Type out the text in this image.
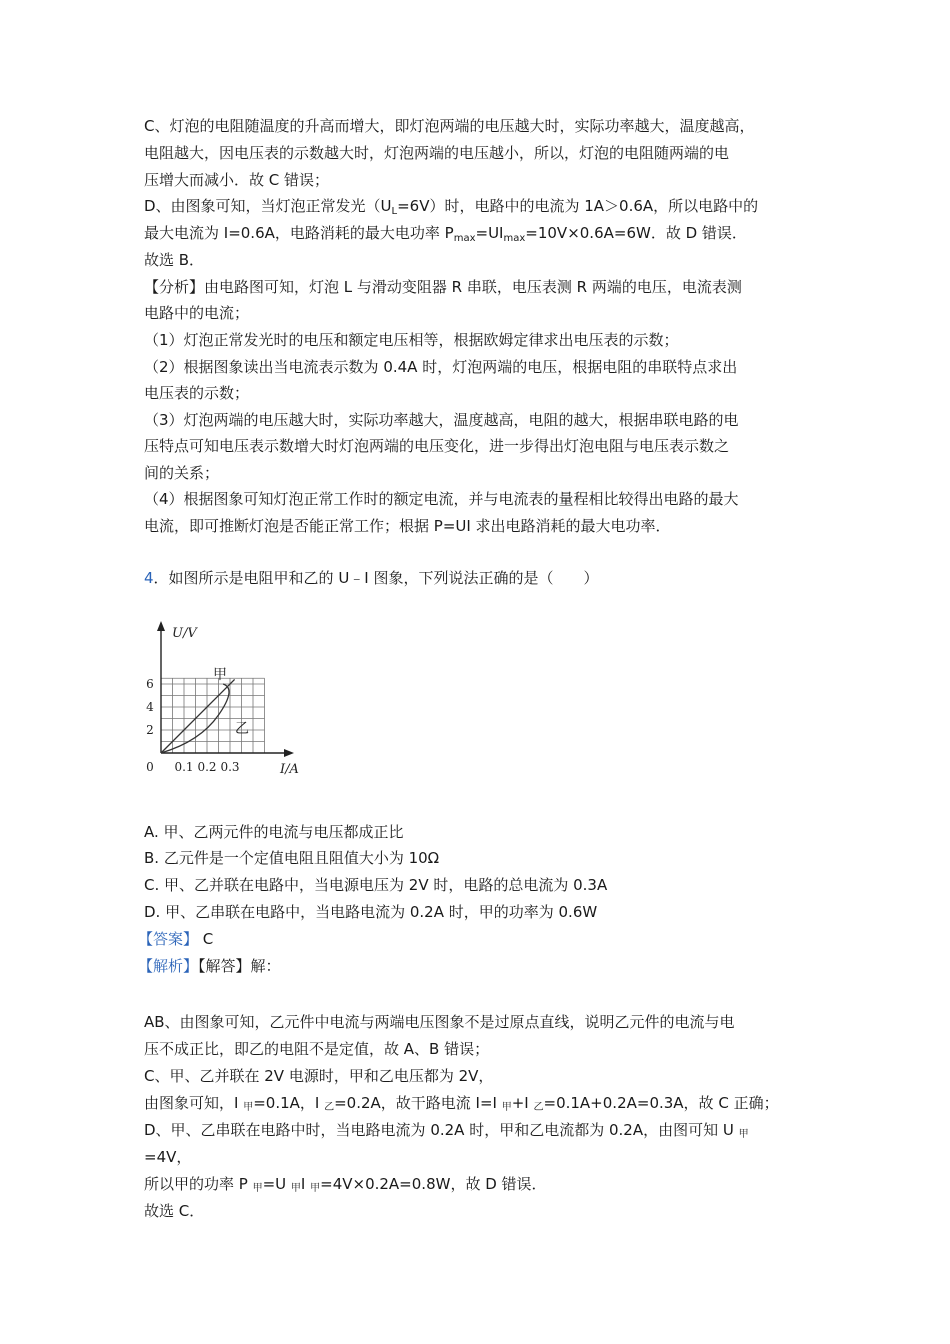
C、灯泡的电阻随温度的升高而增大，即灯泡两端的电压越大时，实际功率越大，温度越高，
电阻越大，因电压表的示数越大时，灯泡两端的电压越小，所以，灯泡的电阻随两端的电
压增大而减小．故 C 错误；
D、由图象可知，当灯泡正常发光$(U_L=6V)$时，电路中的电流为 1A＞0.6A，所以电路中的
最大电流为 I=0.6A，电路消耗的最大电功率 $P_{max}=UI_{max}=10V\times 0.6A=6W$．故 D 错误．
故选 B．
【分析】由电路图可知，灯泡 L 与滑动变阻器 R 串联，电压表测 R 两端的电压，电流表测
电路中的电流；
（1）灯泡正常发光时的电压和额定电压相等，根据欧姆定律求出电压表的示数；
（2）根据图象读出当电流表示数为 0.4A 时，灯泡两端的电压，根据电阻的串联特点求出
电压表的示数；
（3）灯泡两端的电压越大时，实际功率越大，温度越高，电阻的越大，根据串联电路的电
压特点可知电压表示数增大时灯泡两端的电压变化，进一步得出灯泡电阻与电压表示数之
间的关系；
（4）根据图象可知灯泡正常工作时的额定电流，并与电流表的量程相比较得出电路的最大
电流，即可推断灯泡是否能正常工作；根据 P=UI 求出电路消耗的最大电功率．
4．如图所示是电阻甲和乙的 U﹣I 图象，下列说法正确的是（　　）
U/V
I/A
0
2
4
6
0.1 0.2 0.3
甲
乙
A. 甲、乙两元件的电流与电压都成正比
B. 乙元件是一个定值电阻且阻值大小为 10Ω
C. 甲、乙并联在电路中，当电源电压为 2V 时，电路的总电流为 0.3A
D. 甲、乙串联在电路中，当电路电流为 0.2A 时，甲的功率为 0.6W
【答案】 C
【解析】【解答】解：
AB、由图象可知，乙元件中电流与两端电压图象不是过原点直线，说明乙元件的电流与电
压不成正比，即乙的电阻不是定值，故 A、B 错误；
C、甲、乙并联在 2V 电源时，甲和乙电压都为 2V，
由图象可知，I 甲=0.1A，I 乙=0.2A，故干路电流 I=I 甲+I 乙=0.1A+0.2A=0.3A，故 C 正确；
D、甲、乙串联在电路中时，当电路电流为 0.2A 时，甲和乙电流都为 0.2A，由图可知 U 甲
=4V，
所以甲的功率 P 甲=U 甲I 甲=4V×0.2A=0.8W，故 D 错误．
故选 C．
